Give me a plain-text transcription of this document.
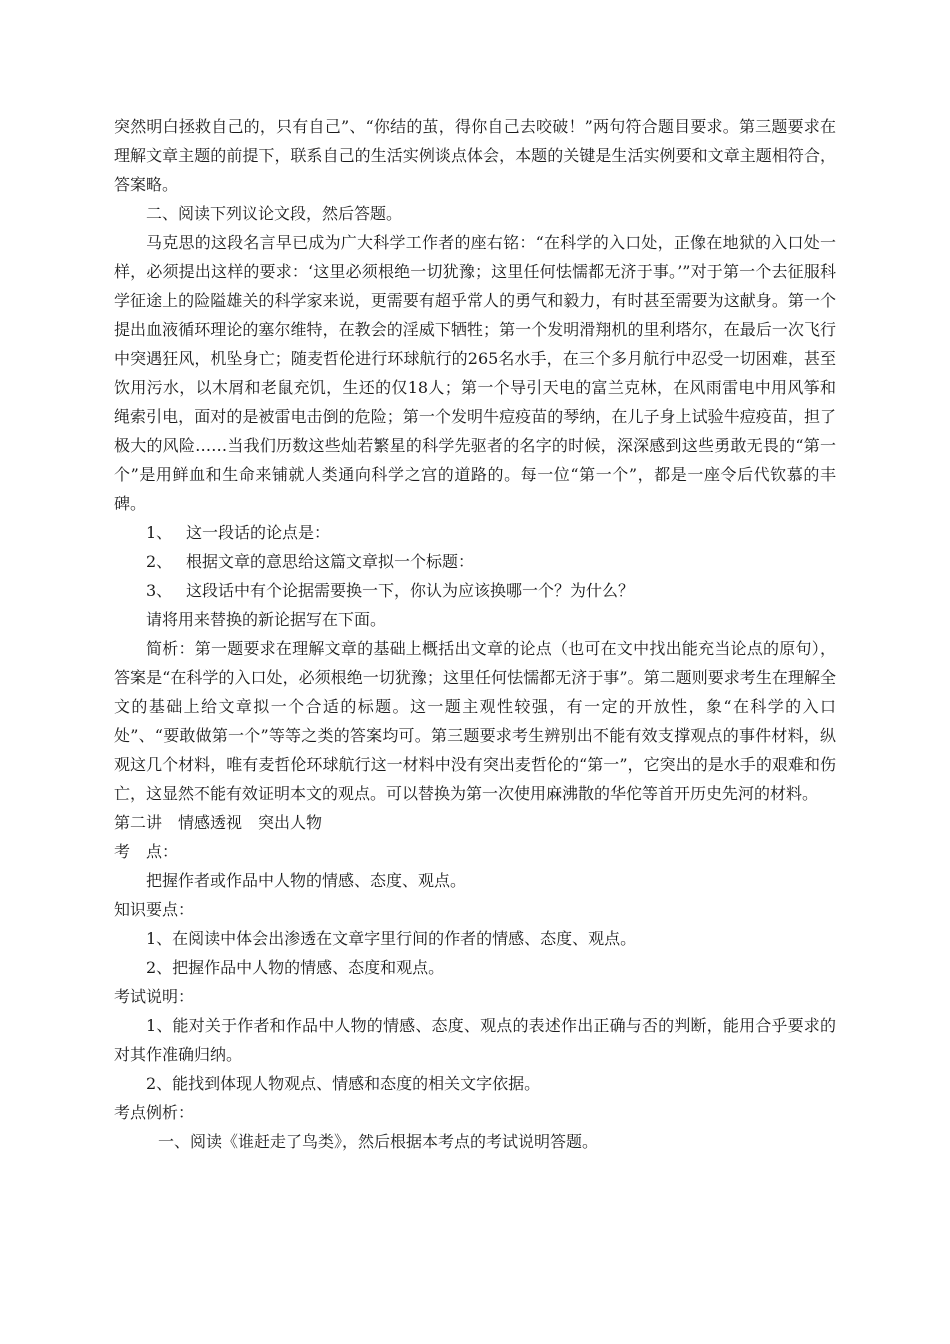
突然明白拯救自己的，只有自己”、“你结的茧，得你自己去咬破！”两句符合题目要求。第三题要求在理解文章主题的前提下，联系自己的生活实例谈点体会，本题的关键是生活实例要和文章主题相符合，答案略。

二、阅读下列议论文段，然后答题。

马克思的这段名言早已成为广大科学工作者的座右铭：“在科学的入口处，正像在地狱的入口处一样，必须提出这样的要求：‘这里必须根绝一切犹豫；这里任何怯懦都无济于事。’”对于第一个去征服科学征途上的险隘雄关的科学家来说，更需要有超乎常人的勇气和毅力，有时甚至需要为这献身。第一个提出血液循环理论的塞尔维特，在教会的淫威下牺牲；第一个发明滑翔机的里利塔尔，在最后一次飞行中突遇狂风，机坠身亡；随麦哲伦进行环球航行的265名水手，在三个多月航行中忍受一切困难，甚至饮用污水，以木屑和老鼠充饥，生还的仅18人；第一个导引天电的富兰克林，在风雨雷电中用风筝和绳索引电，面对的是被雷电击倒的危险；第一个发明牛痘疫苗的琴纳，在儿子身上试验牛痘疫苗，担了极大的风险……当我们历数这些灿若繁星的科学先驱者的名字的时候，深深感到这些勇敢无畏的“第一个”是用鲜血和生命来铺就人类通向科学之宫的道路的。每一位“第一个”，都是一座令后代钦慕的丰碑。

1、 这一段话的论点是：
2、 根据文章的意思给这篇文章拟一个标题：
3、 这段话中有个论据需要换一下，你认为应该换哪一个？为什么？

请将用来替换的新论据写在下面。

简析：第一题要求在理解文章的基础上概括出文章的论点（也可在文中找出能充当论点的原句），答案是“在科学的入口处，必须根绝一切犹豫；这里任何怯懦都无济于事”。第二题则要求考生在理解全文的基础上给文章拟一个合适的标题。这一题主观性较强，有一定的开放性，象“在科学的入口处”、“要敢做第一个”等等之类的答案均可。第三题要求考生辨别出不能有效支撑观点的事件材料，纵观这几个材料，唯有麦哲伦环球航行这一材料中没有突出麦哲伦的“第一”，它突出的是水手的艰难和伤亡，这显然不能有效证明本文的观点。可以替换为第一次使用麻沸散的华佗等首开历史先河的材料。

第二讲　情感透视　突出人物

考　点：

把握作者或作品中人物的情感、态度、观点。

知识要点：

1、在阅读中体会出渗透在文章字里行间的作者的情感、态度、观点。

2、把握作品中人物的情感、态度和观点。

考试说明：

1、能对关于作者和作品中人物的情感、态度、观点的表述作出正确与否的判断，能用合乎要求的对其作准确归纳。

2、能找到体现人物观点、情感和态度的相关文字依据。

考点例析：

一、阅读《谁赶走了鸟类》，然后根据本考点的考试说明答题。
